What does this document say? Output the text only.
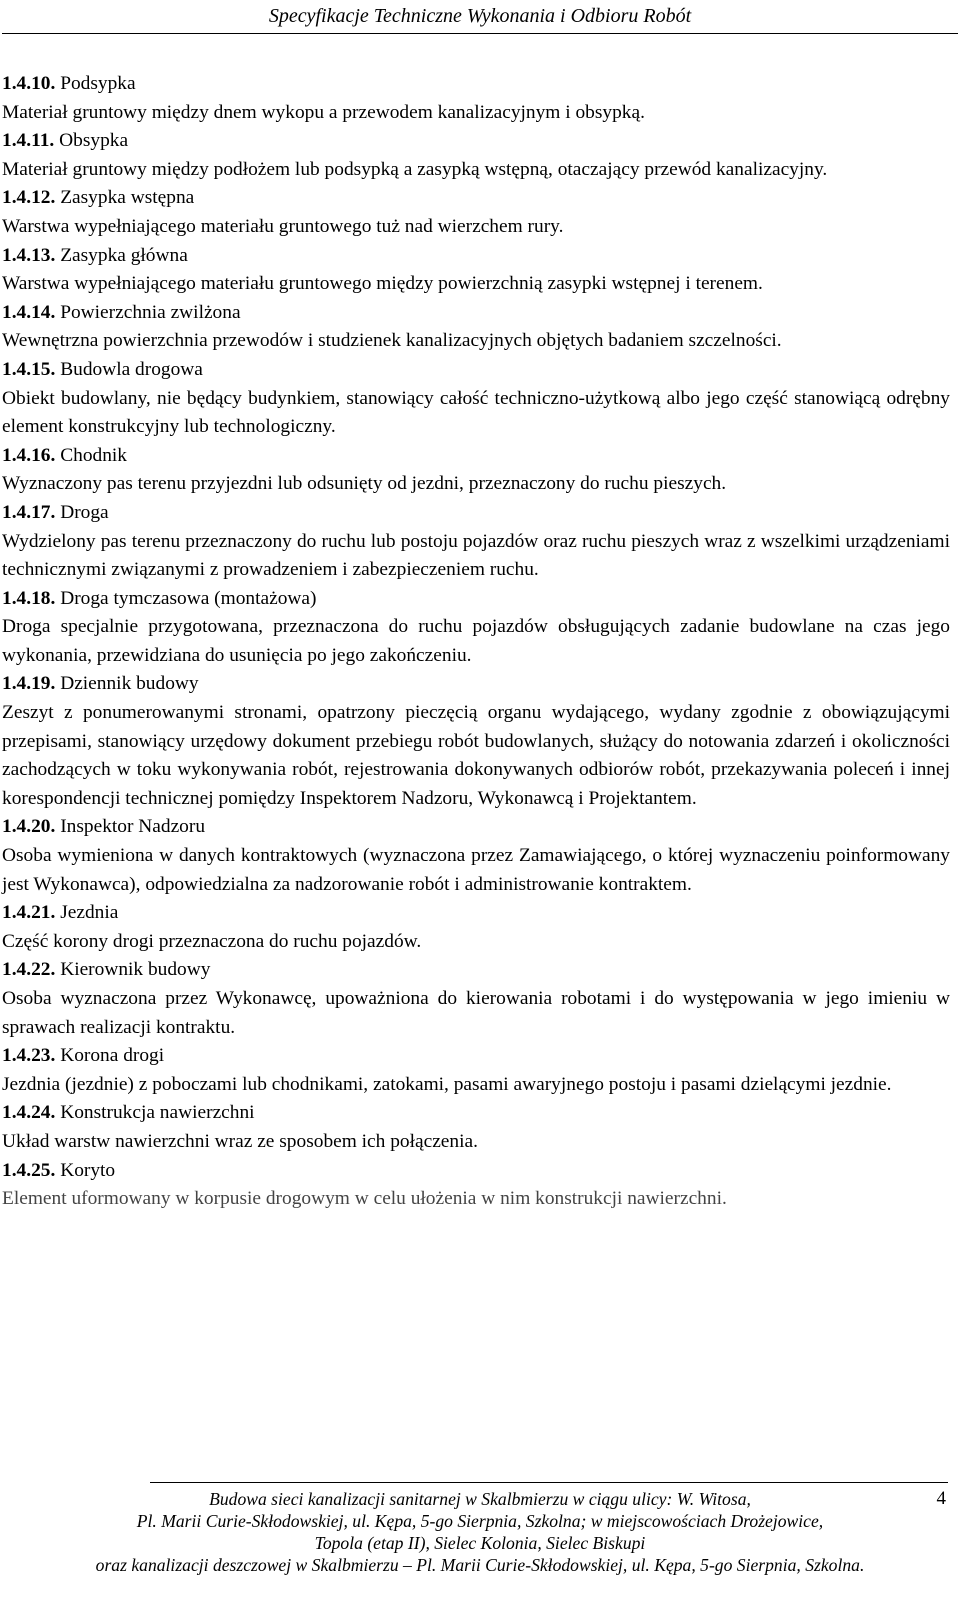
Specyfikacje Techniczne Wykonania i Odbioru Robót

1.4.10. Podsypka

Materiał gruntowy między dnem wykopu a przewodem kanalizacyjnym i obsypką.

1.4.11. Obsypka

Materiał gruntowy między podłożem lub podsypką a zasypką wstępną, otaczający przewód kanalizacyjny.

1.4.12. Zasypka wstępna

Warstwa wypełniającego materiału gruntowego tuż nad wierzchem rury.

1.4.13. Zasypka główna

Warstwa wypełniającego materiału gruntowego między powierzchnią zasypki wstępnej i terenem.

1.4.14. Powierzchnia zwilżona

Wewnętrzna powierzchnia przewodów i studzienek kanalizacyjnych objętych badaniem szczelności.

1.4.15. Budowla drogowa

Obiekt budowlany, nie będący budynkiem, stanowiący całość techniczno-użytkową albo jego część stanowiącą odrębny element konstrukcyjny lub technologiczny.

1.4.16. Chodnik

Wyznaczony pas terenu przyjezdni lub odsunięty od jezdni, przeznaczony do ruchu pieszych.

1.4.17. Droga

Wydzielony pas terenu przeznaczony do ruchu lub postoju pojazdów oraz ruchu pieszych wraz z wszelkimi urządzeniami technicznymi związanymi z prowadzeniem i zabezpieczeniem ruchu.

1.4.18. Droga tymczasowa (montażowa)

Droga specjalnie przygotowana, przeznaczona do ruchu pojazdów obsługujących zadanie budowlane na czas jego wykonania, przewidziana do usunięcia po jego zakończeniu.

1.4.19. Dziennik budowy

Zeszyt z ponumerowanymi stronami, opatrzony pieczęcią organu wydającego, wydany zgodnie z obowiązującymi przepisami, stanowiący urzędowy dokument przebiegu robót budowlanych, służący do notowania zdarzeń i okoliczności zachodzących w toku wykonywania robót, rejestrowania dokonywanych odbiorów robót, przekazywania poleceń i innej korespondencji technicznej pomiędzy Inspektorem Nadzoru, Wykonawcą i Projektantem.

1.4.20. Inspektor Nadzoru

Osoba wymieniona w danych kontraktowych (wyznaczona przez Zamawiającego, o której wyznaczeniu poinformowany jest Wykonawca), odpowiedzialna za nadzorowanie robót i administrowanie kontraktem.

1.4.21. Jezdnia

Część korony drogi przeznaczona do ruchu pojazdów.

1.4.22. Kierownik budowy

Osoba wyznaczona przez Wykonawcę, upoważniona do kierowania robotami i do występowania w jego imieniu w sprawach realizacji kontraktu.

1.4.23. Korona drogi

Jezdnia (jezdnie) z poboczami lub chodnikami, zatokami, pasami awaryjnego postoju i pasami dzielącymi jezdnie.

1.4.24. Konstrukcja nawierzchni

Układ warstw nawierzchni wraz ze sposobem ich połączenia.

1.4.25. Koryto

Element uformowany w korpusie drogowym w celu ułożenia w nim konstrukcji nawierzchni.

Budowa sieci kanalizacji sanitarnej w Skalbmierzu w ciągu ulicy: W. Witosa,
Pl. Marii Curie-Skłodowskiej, ul. Kępa, 5-go Sierpnia, Szkolna; w miejscowościach Drożejowice,
Topola (etap II), Sielec Kolonia, Sielec Biskupi
oraz kanalizacji deszczowej w Skalbmierzu – Pl. Marii Curie-Skłodowskiej, ul. Kępa, 5-go Sierpnia, Szkolna.
4
